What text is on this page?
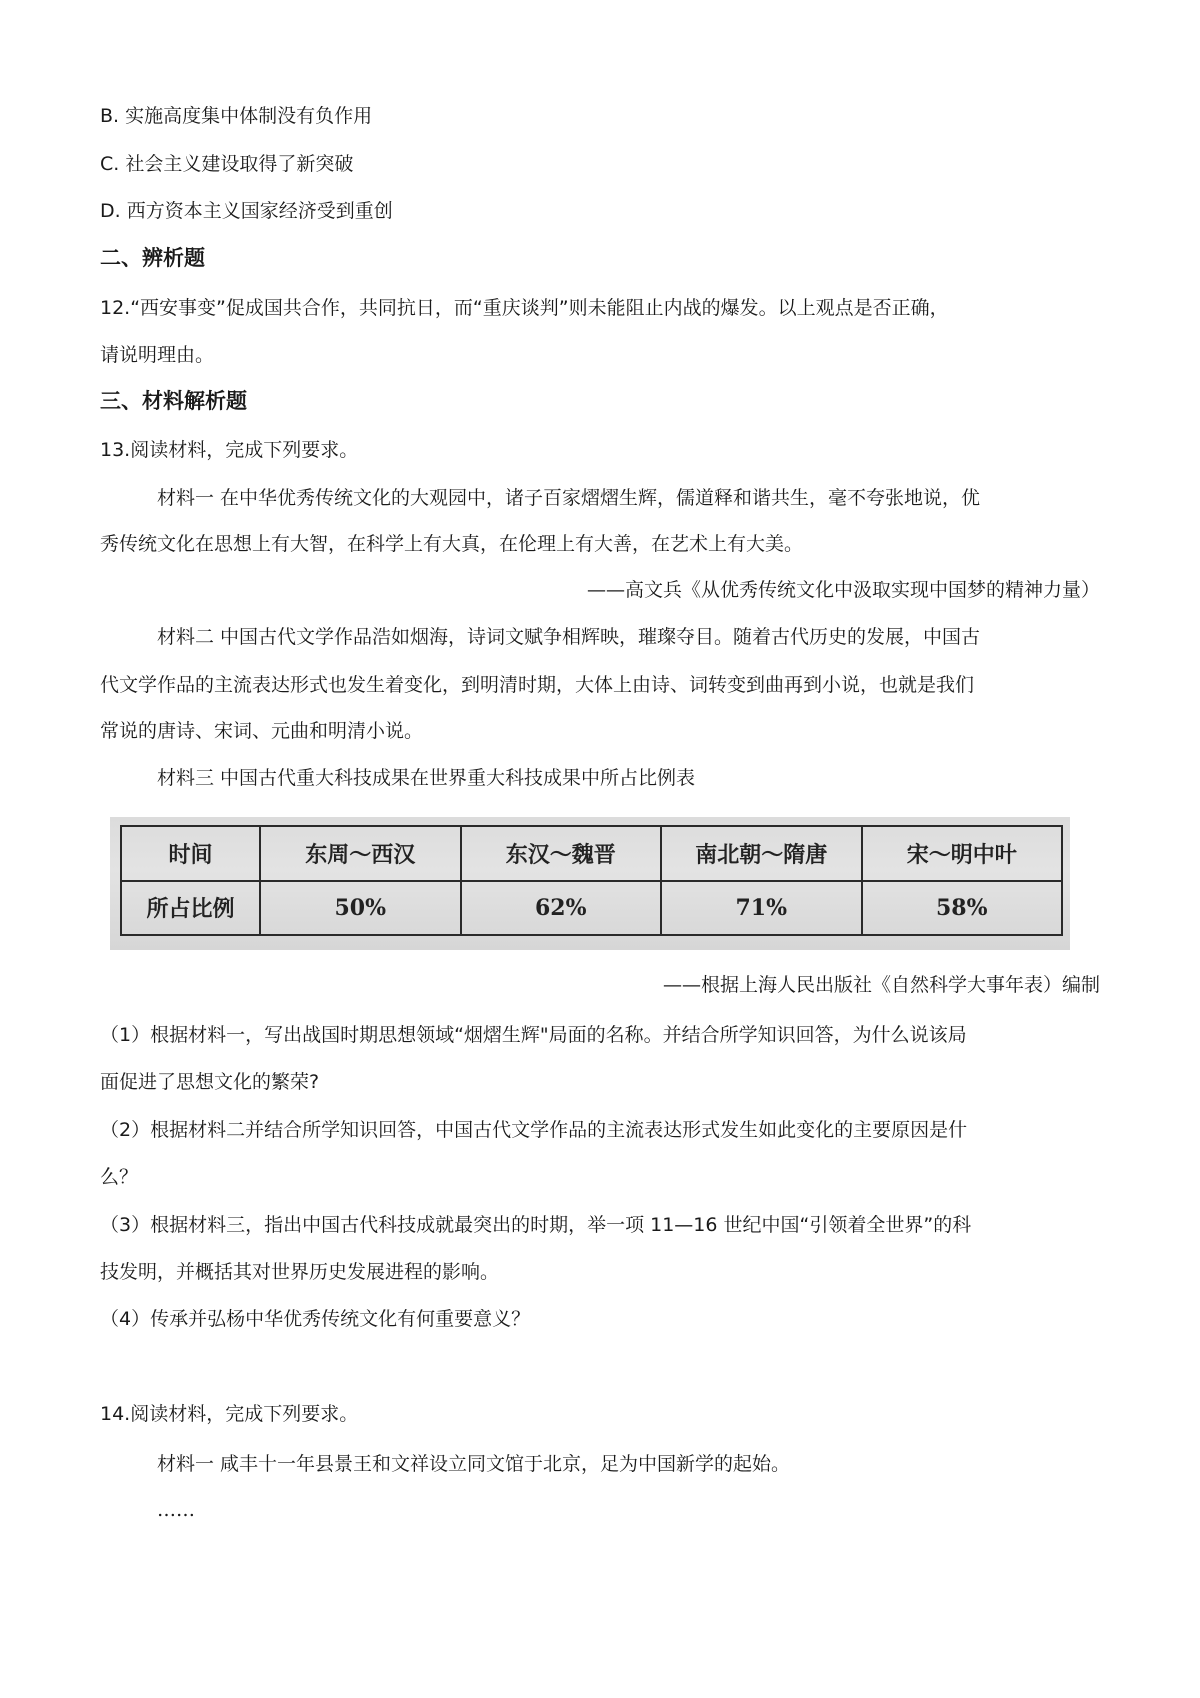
B. 实施高度集中体制没有负作用
C. 社会主义建设取得了新突破
D. 西方资本主义国家经济受到重创
二、辨析题
12.“西安事变”促成国共合作，共同抗日，而“重庆谈判”则未能阻止内战的爆发。以上观点是否正确，
请说明理由。
三、材料解析题
13.阅读材料，完成下列要求。
材料一 在中华优秀传统文化的大观园中，诸子百家熠熠生辉，儒道释和谐共生，毫不夸张地说，优
秀传统文化在思想上有大智，在科学上有大真，在伦理上有大善，在艺术上有大美。
——高文兵《从优秀传统文化中汲取实现中国梦的精神力量）
材料二 中国古代文学作品浩如烟海，诗词文赋争相辉映，璀璨夺目。随着古代历史的发展，中国古
代文学作品的主流表达形式也发生着变化，到明清时期，大体上由诗、词转变到曲再到小说，也就是我们
常说的唐诗、宋词、元曲和明清小说。
材料三 中国古代重大科技成果在世界重大科技成果中所占比例表
时间	东周～西汉	东汉～魏晋	南北朝～隋唐	宋～明中叶
所占比例	50%	62%	71%	58%
——根据上海人民出版社《自然科学大事年表）编制
（1）根据材料一，写出战国时期思想领域“烟熠生辉"局面的名称。并结合所学知识回答，为什么说该局
面促进了思想文化的繁荣?
（2）根据材料二并结合所学知识回答，中国古代文学作品的主流表达形式发生如此变化的主要原因是什
么？
（3）根据材料三，指出中国古代科技成就最突出的时期，举一项 11—16 世纪中国“引领着全世界”的科
技发明，并概括其对世界历史发展进程的影响。
（4）传承并弘杨中华优秀传统文化有何重要意义？
14.阅读材料，完成下列要求。
材料一 咸丰十一年县景王和文祥设立同文馆于北京，足为中国新学的起始。
……
